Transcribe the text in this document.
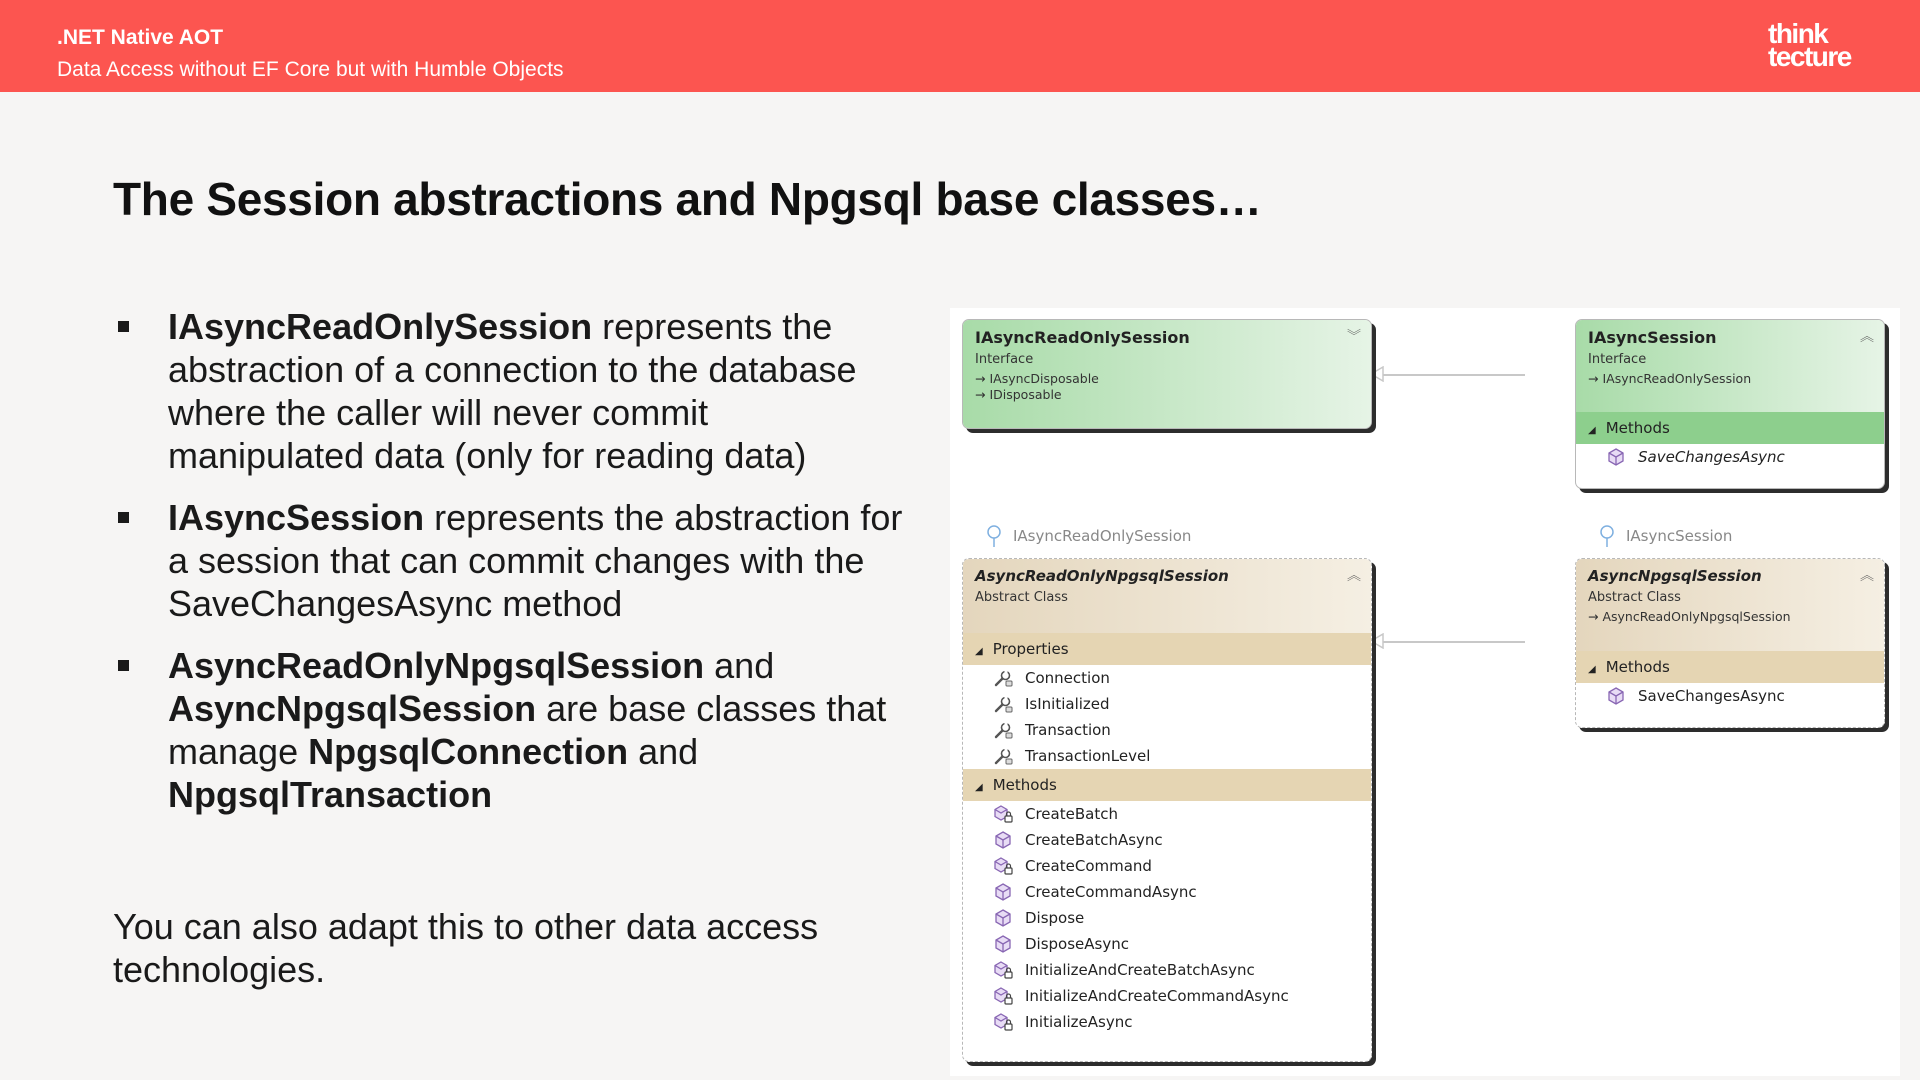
.NET Native AOT
Data Access without EF Core but with Humble Objects
think
tecture
The Session abstractions and Npgsql base classes…
IAsyncReadOnlySession represents the abstraction of a connection to the database where the caller will never commit manipulated data (only for reading data)
IAsyncSession represents the abstraction for a session that can commit changes with the SaveChangesAsync method
AsyncReadOnlyNpgsqlSession and AsyncNpgsqlSession are base classes that manage NpgsqlConnection and NpgsqlTransaction
You can also adapt this to other data access technologies.
IAsyncReadOnlySession
Interface
→ IAsyncDisposable
→ IDisposable
︾	IAsyncSession
Interface
→ IAsyncReadOnlySession
︽
◢ Methods
SaveChangesAsync
IAsyncReadOnlySession	IAsyncSession
AsyncReadOnlyNpgsqlSession
Abstract Class
︽
◢ Properties
Connection
IsInitialized
Transaction
TransactionLevel
◢ Methods
CreateBatch
CreateBatchAsync
CreateCommand
CreateCommandAsync
Dispose
DisposeAsync
InitializeAndCreateBatchAsync
InitializeAndCreateCommandAsync
InitializeAsync
AsyncNpgsqlSession
Abstract Class
→ AsyncReadOnlyNpgsqlSession
︽
◢ Methods
SaveChangesAsync
